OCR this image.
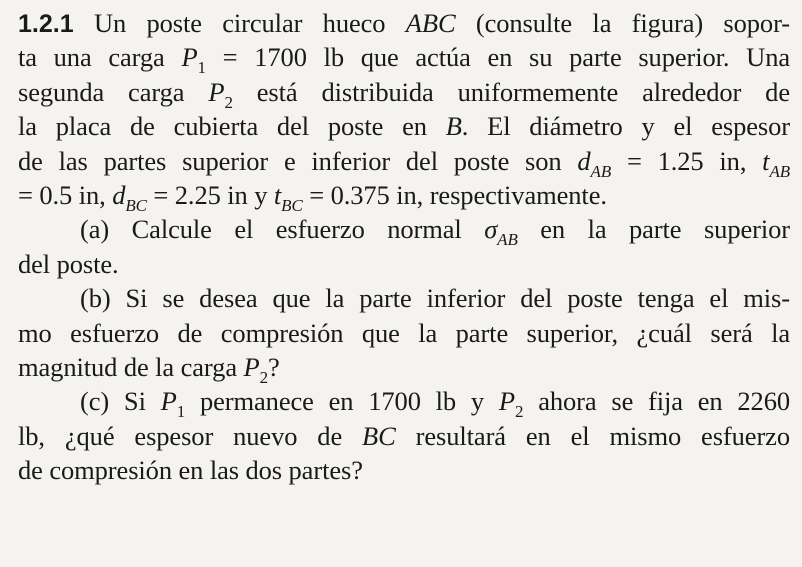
1.2.1 Un poste circular hueco ABC (consulte la figura) sopor-
ta una carga $P_1 = 1700$ lb que actúa en su parte superior. Una
segunda carga $P_2$ está distribuida uniformemente alrededor de
la placa de cubierta del poste en B. El diámetro y el espesor
de las partes superior e inferior del poste son $d_{AB} = 1.25$ in, $t_{AB}$
= 0.5 in, $d_{BC} = 2.25$ in y $t_{BC} = 0.375$ in, respectivamente.
(a) Calcule el esfuerzo normal $\sigma_{AB}$ en la parte superior
del poste.
(b) Si se desea que la parte inferior del poste tenga el mis-
mo esfuerzo de compresión que la parte superior, ¿cuál será la
magnitud de la carga $P_2$?
(c) Si $P_1$ permanece en 1700 lb y $P_2$ ahora se fija en 2260
lb, ¿qué espesor nuevo de BC resultará en el mismo esfuerzo
de compresión en las dos partes?
